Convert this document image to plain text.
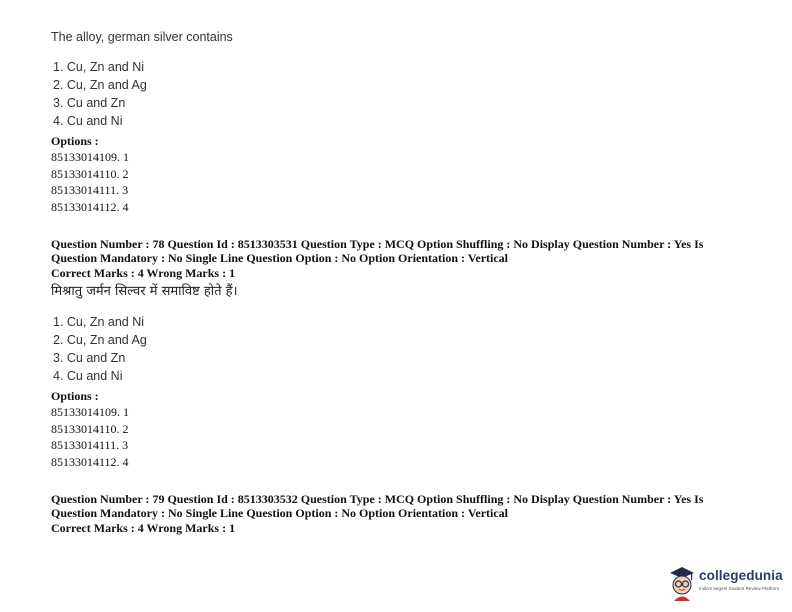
The alloy, german silver contains
1. Cu, Zn and Ni
2. Cu, Zn and Ag
3. Cu and Zn
4. Cu and Ni
Options :
85133014109. 1
85133014110. 2
85133014111. 3
85133014112. 4
Question Number : 78 Question Id : 8513303531 Question Type : MCQ Option Shuffling : No Display Question Number : Yes Is
Question Mandatory : No Single Line Question Option : No Option Orientation : Vertical
Correct Marks : 4 Wrong Marks : 1
मिश्रातु जर्मन सिल्वर में समाविष्ट होते हैं।
1. Cu, Zn and Ni
2. Cu, Zn and Ag
3. Cu and Zn
4. Cu and Ni
Options :
85133014109. 1
85133014110. 2
85133014111. 3
85133014112. 4
Question Number : 79 Question Id : 8513303532 Question Type : MCQ Option Shuffling : No Display Question Number : Yes Is
Question Mandatory : No Single Line Question Option : No Option Orientation : Vertical
Correct Marks : 4 Wrong Marks : 1
collegedunia
India's largest Student Review Platform
